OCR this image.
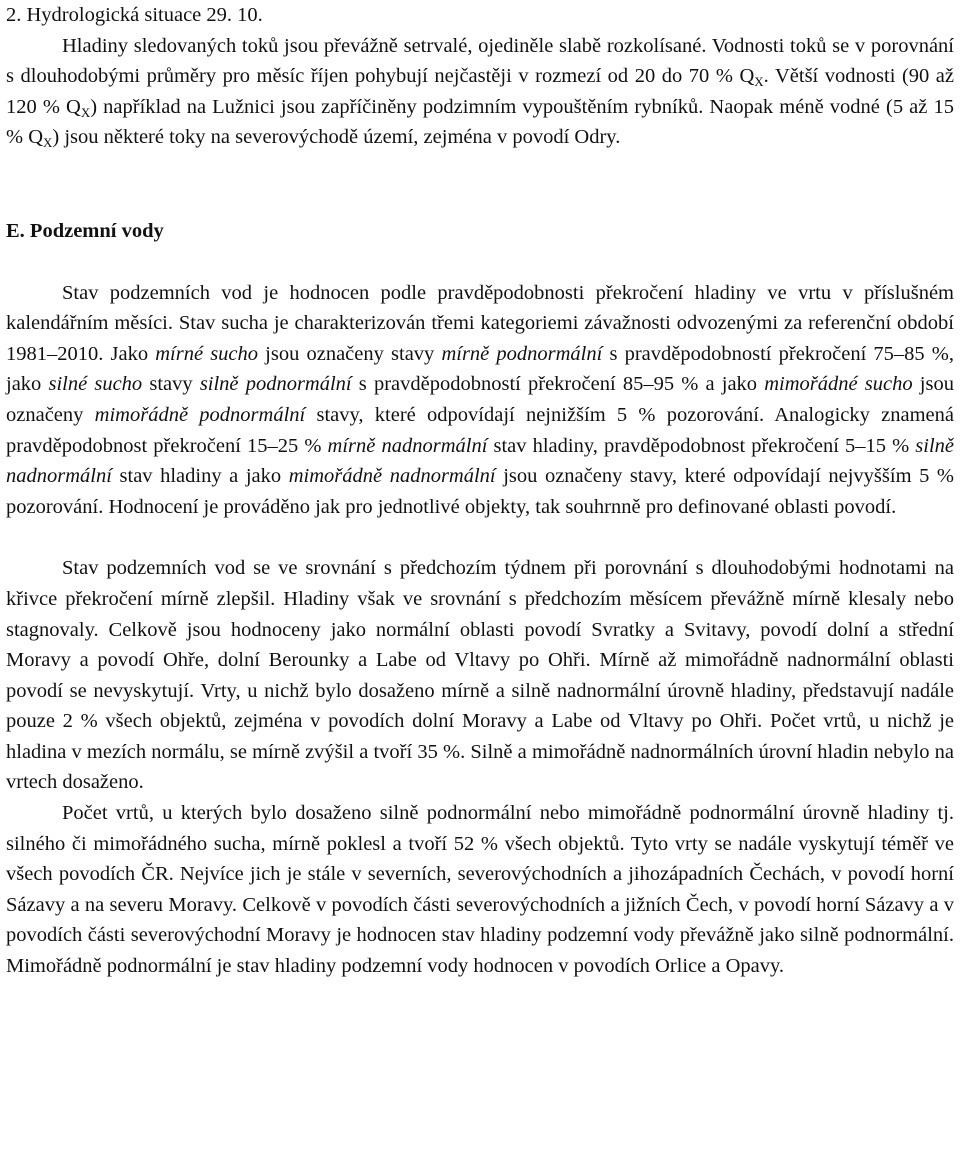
2. Hydrologická situace 29. 10.

Hladiny sledovaných toků jsou převážně setrvalé, ojediněle slabě rozkolísané. Vodnosti toků se v porovnání s dlouhodobými průměry pro měsíc říjen pohybují nejčastěji v rozmezí od 20 do 70 % $Q_X$. Větší vodnosti (90 až 120 % $Q_X$) například na Lužnici jsou zapříčiněny podzimním vypouštěním rybníků. Naopak méně vodné (5 až 15 % $Q_X$) jsou některé toky na severovýchodě území, zejména v povodí Odry.

E. Podzemní vody

Stav podzemních vod je hodnocen podle pravděpodobnosti překročení hladiny ve vrtu v příslušném kalendářním měsíci. Stav sucha je charakterizován třemi kategoriemi závažnosti odvozenými za referenční období 1981–2010. Jako mírné sucho jsou označeny stavy mírně podnormální s pravděpodobností překročení 75–85 %, jako silné sucho stavy silně podnormální s pravděpodobností překročení 85–95 % a jako mimořádné sucho jsou označeny mimořádně podnormální stavy, které odpovídají nejnižším 5 % pozorování. Analogicky znamená pravděpodobnost překročení 15–25 % mírně nadnormální stav hladiny, pravděpodobnost překročení 5–15 % silně nadnormální stav hladiny a jako mimořádně nadnormální jsou označeny stavy, které odpovídají nejvyšším 5 % pozorování. Hodnocení je prováděno jak pro jednotlivé objekty, tak souhrnně pro definované oblasti povodí.

Stav podzemních vod se ve srovnání s předchozím týdnem při porovnání s dlouhodobými hodnotami na křivce překročení mírně zlepšil. Hladiny však ve srovnání s předchozím měsícem převážně mírně klesaly nebo stagnovaly. Celkově jsou hodnoceny jako normální oblasti povodí Svratky a Svitavy, povodí dolní a střední Moravy a povodí Ohře, dolní Berounky a Labe od Vltavy po Ohři. Mírně až mimořádně nadnormální oblasti povodí se nevyskytují. Vrty, u nichž bylo dosaženo mírně a silně nadnormální úrovně hladiny, představují nadále pouze 2 % všech objektů, zejména v povodích dolní Moravy a Labe od Vltavy po Ohři. Počet vrtů, u nichž je hladina v mezích normálu, se mírně zvýšil a tvoří 35 %. Silně a mimořádně nadnormálních úrovní hladin nebylo na vrtech dosaženo.

Počet vrtů, u kterých bylo dosaženo silně podnormální nebo mimořádně podnormální úrovně hladiny tj. silného či mimořádného sucha, mírně poklesl a tvoří 52 % všech objektů. Tyto vrty se nadále vyskytují téměř ve všech povodích ČR. Nejvíce jich je stále v severních, severovýchodních a jihozápadních Čechách, v povodí horní Sázavy a na severu Moravy. Celkově v povodích části severovýchodních a jižních Čech, v povodí horní Sázavy a v povodích části severovýchodní Moravy je hodnocen stav hladiny podzemní vody převážně jako silně podnormální. Mimořádně podnormální je stav hladiny podzemní vody hodnocen v povodích Orlice a Opavy.
